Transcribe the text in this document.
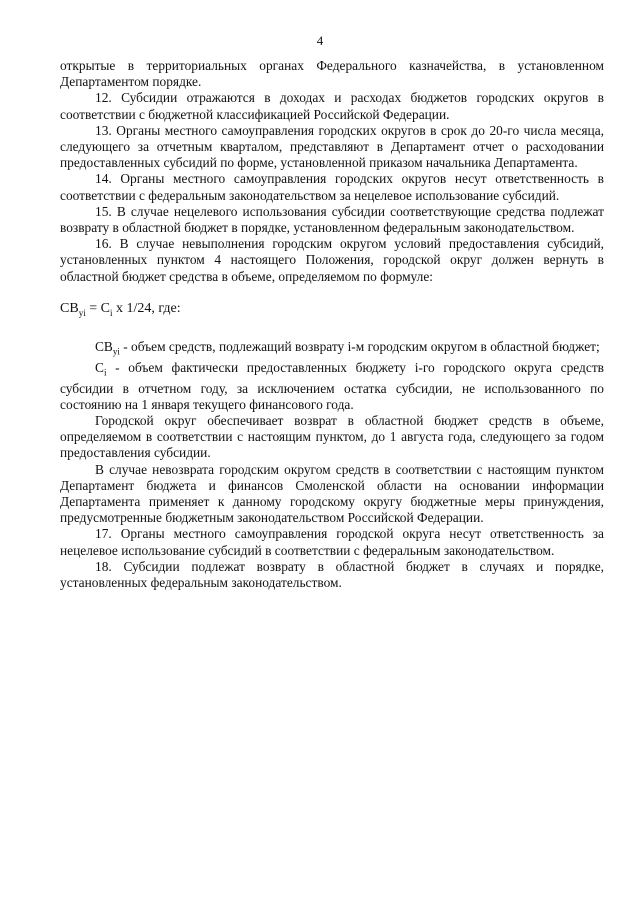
4

открытые в территориальных органах Федерального казначейства, в установленном Департаментом порядке.

12. Субсидии отражаются в доходах и расходах бюджетов городских округов в соответствии с бюджетной классификацией Российской Федерации.

13. Органы местного самоуправления городских округов в срок до 20-го числа месяца, следующего за отчетным кварталом, представляют в Департамент отчет о расходовании предоставленных субсидий по форме, установленной приказом начальника Департамента.

14. Органы местного самоуправления городских округов несут ответственность в соответствии с федеральным законодательством за нецелевое использование субсидий.

15. В случае нецелевого использования субсидии соответствующие средства подлежат возврату в областной бюджет в порядке, установленном федеральным законодательством.

16. В случае невыполнения городским округом условий предоставления субсидий, установленных пунктом 4 настоящего Положения, городской округ должен вернуть в областной бюджет средства в объеме, определяемом по формуле:

$CB_{yi} = C_i$ x 1/24, где:

$CB_{yi}$ - объем средств, подлежащий возврату i-м городским округом в областной бюджет;

$C_i$ - объем фактически предоставленных бюджету i-го городского округа средств субсидии в отчетном году, за исключением остатка субсидии, не использованного по состоянию на 1 января текущего финансового года.

Городской округ обеспечивает возврат в областной бюджет средств в объеме, определяемом в соответствии с настоящим пунктом, до 1 августа года, следующего за годом предоставления субсидии.

В случае невозврата городским округом средств в соответствии с настоящим пунктом Департамент бюджета и финансов Смоленской области на основании информации Департамента применяет к данному городскому округу бюджетные меры принуждения, предусмотренные бюджетным законодательством Российской Федерации.

17. Органы местного самоуправления городской округа несут ответственность за нецелевое использование субсидий в соответствии с федеральным законодательством.

18. Субсидии подлежат возврату в областной бюджет в случаях и порядке, установленных федеральным законодательством.
